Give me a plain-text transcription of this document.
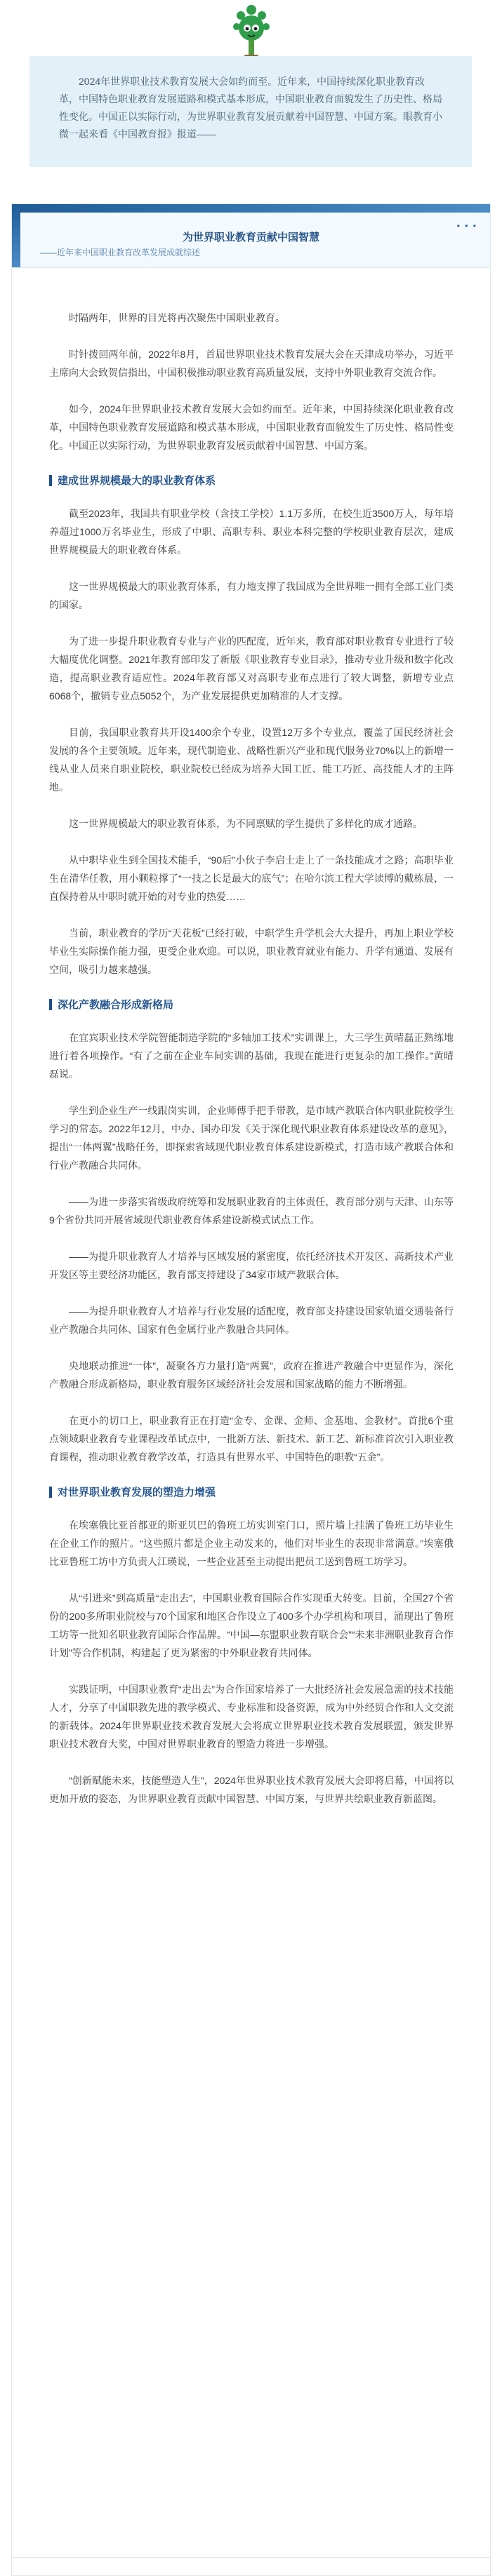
2024年世界职业技术教育发展大会如约而至。近年来，中国持续深化职业教育改革，中国特色职业教育发展道路和模式基本形成，中国职业教育面貌发生了历史性、格局性变化。中国正以实际行动，为世界职业教育发展贡献着中国智慧、中国方案。眼教育小微一起来看《中国教育报》报道——

• • •
为世界职业教育贡献中国智慧
——近年来中国职业教育改革发展成就综述

时隔两年，世界的目光将再次聚焦中国职业教育。

时针拨回两年前，2022年8月，首届世界职业技术教育发展大会在天津成功举办，习近平主席向大会致贺信指出，中国积极推动职业教育高质量发展，支持中外职业教育交流合作。

如今，2024年世界职业技术教育发展大会如约而至。近年来，中国持续深化职业教育改革，中国特色职业教育发展道路和模式基本形成，中国职业教育面貌发生了历史性、格局性变化。中国正以实际行动，为世界职业教育发展贡献着中国智慧、中国方案。

建成世界规模最大的职业教育体系

截至2023年，我国共有职业学校（含技工学校）1.1万多所，在校生近3500万人，每年培养超过1000万名毕业生，形成了中职、高职专科、职业本科完整的学校职业教育层次，建成世界规模最大的职业教育体系。

这一世界规模最大的职业教育体系，有力地支撑了我国成为全世界唯一拥有全部工业门类的国家。

为了进一步提升职业教育专业与产业的匹配度，近年来，教育部对职业教育专业进行了较大幅度优化调整。2021年教育部印发了新版《职业教育专业目录》，推动专业升级和数字化改造，提高职业教育适应性。2024年教育部又对高职专业布点进行了较大调整，新增专业点6068个，撤销专业点5052个，为产业发展提供更加精准的人才支撑。

目前，我国职业教育共开设1400余个专业，设置12万多个专业点，覆盖了国民经济社会发展的各个主要领域。近年来，现代制造业、战略性新兴产业和现代服务业70%以上的新增一线从业人员来自职业院校，职业院校已经成为培养大国工匠、能工巧匠、高技能人才的主阵地。

这一世界规模最大的职业教育体系，为不同禀赋的学生提供了多样化的成才通路。

从中职毕业生到全国技术能手，“90后”小伙子李启士走上了一条技能成才之路；高职毕业生在清华任教，用小颗粒撑了“一技之长是最大的底气”；在哈尔滨工程大学读博的戴栋晨，一直保持着从中职时就开始的对专业的热爱……

当前，职业教育的学历“天花板”已经打破，中职学生升学机会大大提升，再加上职业学校毕业生实际操作能力强，更受企业欢迎。可以说，职业教育就业有能力、升学有通道、发展有空间，吸引力越来越强。

深化产教融合形成新格局

在宜宾职业技术学院智能制造学院的“多轴加工技术”实训课上，大三学生黄晴磊正熟练地进行着各项操作。“有了之前在企业车间实训的基础，我现在能进行更复杂的加工操作。”黄晴磊说。

学生到企业生产一线跟岗实训，企业师傅手把手带教，是市域产教联合体内职业院校学生学习的常态。2022年12月，中办、国办印发《关于深化现代职业教育体系建设改革的意见》，提出“一体两翼”战略任务，即探索省域现代职业教育体系建设新模式，打造市域产教联合体和行业产教融合共同体。

——为进一步落实省级政府统筹和发展职业教育的主体责任，教育部分别与天津、山东等9个省份共同开展省域现代职业教育体系建设新模式试点工作。

——为提升职业教育人才培养与区域发展的紧密度，依托经济技术开发区、高新技术产业开发区等主要经济功能区，教育部支持建设了34家市域产教联合体。

——为提升职业教育人才培养与行业发展的适配度，教育部支持建设国家轨道交通装备行业产教融合共同体、国家有色金属行业产教融合共同体。

央地联动推进“一体”，凝聚各方力量打造“两翼”，政府在推进产教融合中更显作为，深化产教融合形成新格局，职业教育服务区域经济社会发展和国家战略的能力不断增强。

在更小的切口上，职业教育正在打造“金专、金课、金师、金基地、金教材”。首批6个重点领域职业教育专业课程改革试点中，一批新方法、新技术、新工艺、新标准首次引入职业教育课程，推动职业教育教学改革，打造具有世界水平、中国特色的职教“五金”。

对世界职业教育发展的塑造力增强

在埃塞俄比亚首都亚的斯亚贝巴的鲁班工坊实训室门口，照片墙上挂满了鲁班工坊毕业生在企业工作的照片。“这些照片都是企业主动发来的，他们对毕业生的表现非常满意。”埃塞俄比亚鲁班工坊中方负责人江瑛说，一些企业甚至主动提出把员工送到鲁班工坊学习。

从“引进来”到高质量“走出去”，中国职业教育国际合作实现重大转变。目前，全国27个省份的200多所职业院校与70个国家和地区合作设立了400多个办学机构和项目，涌现出了鲁班工坊等一批知名职业教育国际合作品牌。“中国—东盟职业教育联合会”“未来非洲职业教育合作计划”等合作机制，构建起了更为紧密的中外职业教育共同体。

实践证明，中国职业教育“走出去”为合作国家培养了一大批经济社会发展急需的技术技能人才，分享了中国职教先进的教学模式、专业标准和设备资源，成为中外经贸合作和人文交流的新载体。2024年世界职业技术教育发展大会将成立世界职业技术教育发展联盟，颁发世界职业技术教育大奖，中国对世界职业教育的塑造力将进一步增强。

“创新赋能未来，技能塑造人生”，2024年世界职业技术教育发展大会即将启幕，中国将以更加开放的姿态，为世界职业教育贡献中国智慧、中国方案，与世界共绘职业教育新蓝图。
